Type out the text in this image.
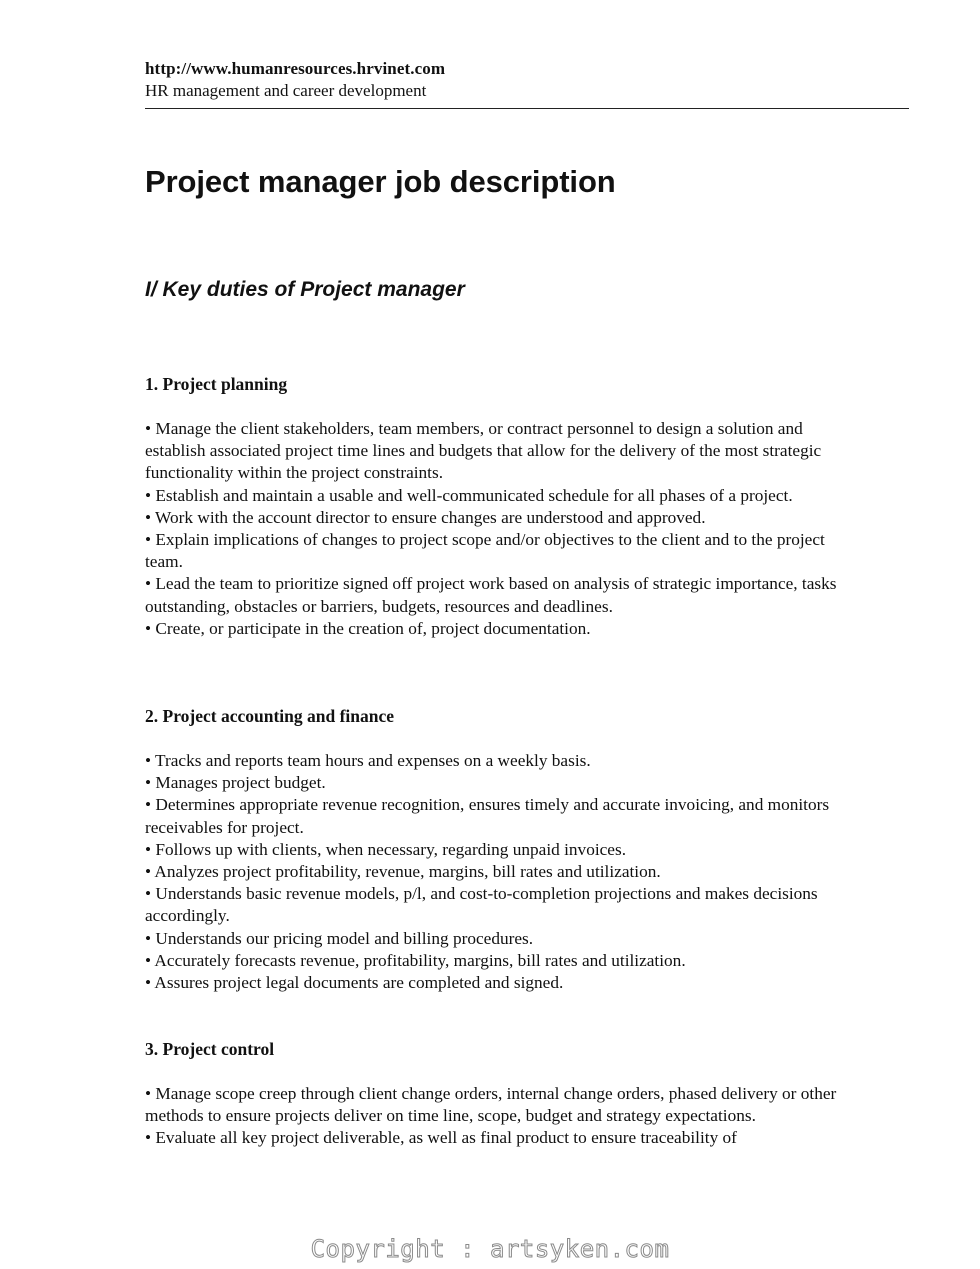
http://www.humanresources.hrvinet.com
HR management and career development
Project manager job description
I/ Key duties of Project manager
1. Project planning

• Manage the client stakeholders, team members, or contract personnel to design a solution and establish associated project time lines and budgets that allow for the delivery of the most strategic functionality within the project constraints.

• Establish and maintain a usable and well-communicated schedule for all phases of a project.

• Work with the account director to ensure changes are understood and approved.

• Explain implications of changes to project scope and/or objectives to the client and to the project team.

• Lead the team to prioritize signed off project work based on analysis of strategic importance, tasks outstanding, obstacles or barriers, budgets, resources and deadlines.

• Create, or participate in the creation of, project documentation.

2. Project accounting and finance

• Tracks and reports team hours and expenses on a weekly basis.

• Manages project budget.

• Determines appropriate revenue recognition, ensures timely and accurate invoicing, and monitors receivables for project.

• Follows up with clients, when necessary, regarding unpaid invoices.

• Analyzes project profitability, revenue, margins, bill rates and utilization.

• Understands basic revenue models, p/l, and cost-to-completion projections and makes decisions accordingly.

• Understands our pricing model and billing procedures.

• Accurately forecasts revenue, profitability, margins, bill rates and utilization.

• Assures project legal documents are completed and signed.

3. Project control

• Manage scope creep through client change orders, internal change orders, phased delivery or other methods to ensure projects deliver on time line, scope, budget and strategy expectations.

• Evaluate all key project deliverable, as well as final product to ensure traceability of

Copyright : artsyken.com
